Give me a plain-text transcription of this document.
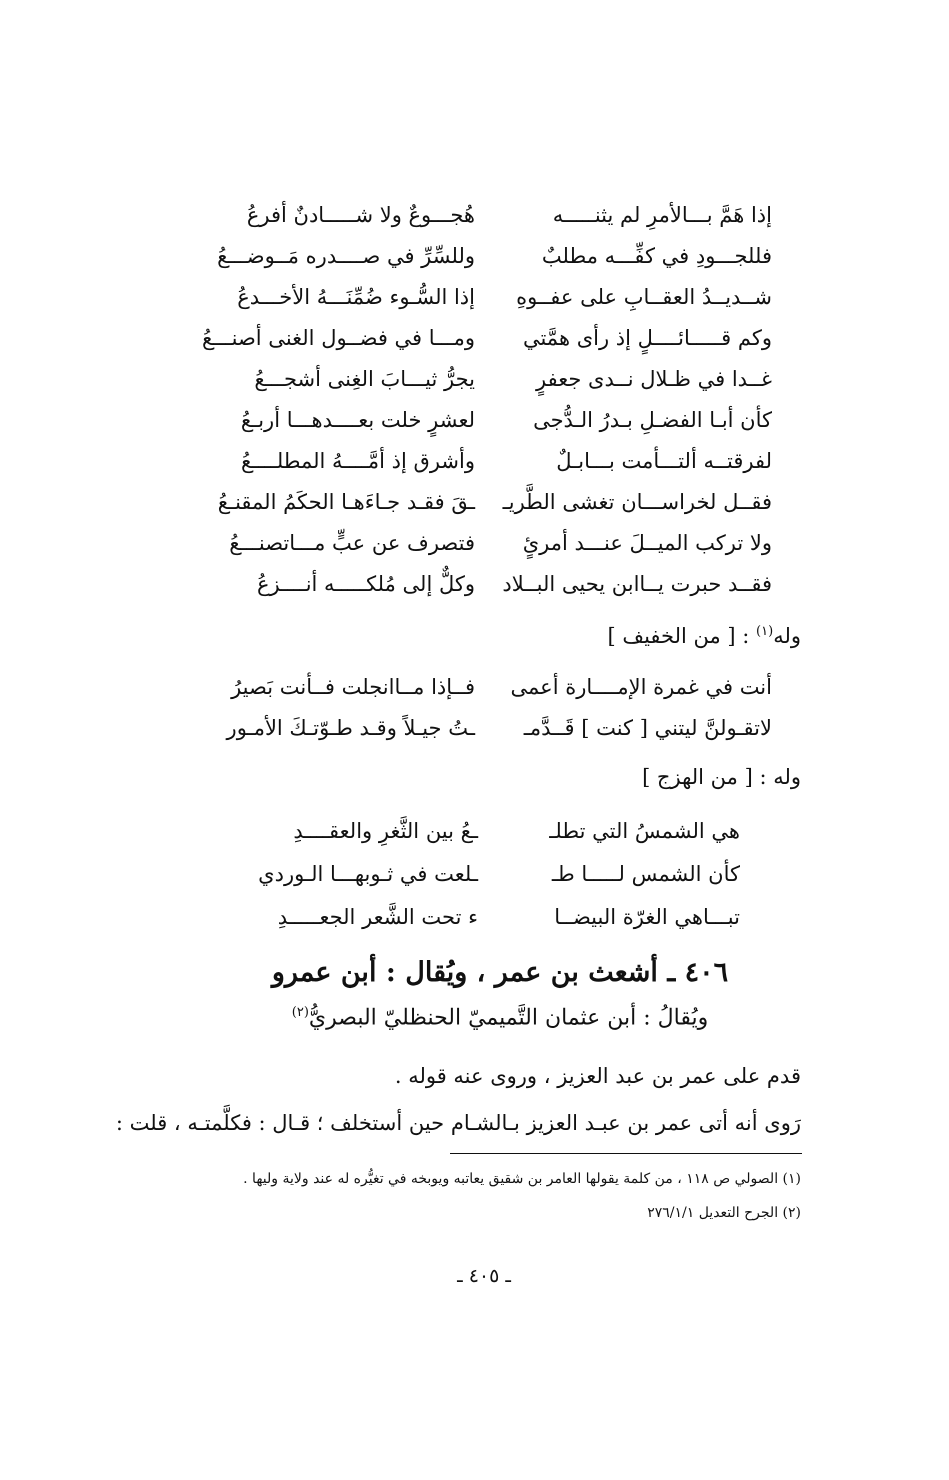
إذا هَمَّ بـــالأمرِ لم يثنـــــه
هُجـــوعٌ ولا شـــــادنٌ أفرعُ
فللجـــودِ في كفِّـــه مطلبٌ
وللسِّرِّ في صــــدره مَــوضـــعُ
شــديــدُ العقــابِ على عفــوهِ
إذا السُّـوء ضُمِّنَـــهُ الأخـــدعُ
وكم قـــــائــــلٍ إذ رأى همَّتي
ومـــا في فضــول الغنى أصنـــعُ
غــدا في ظـلال نــدى جعفرٍ
يجرُّ ثيـــابَ الغِنى أشجـــعُ
كأن أبـا الفضـلِ بـدرُ الـدُّجى
لعشرٍ خلت بعــــدهـــا أربـعُ
لفرقتــه ألتـــأمت بـــابـلٌ
وأشرق إذ أمَّــــهُ المطلــــعُ
فقــل لخراســـان تغشى الطَّريـ
ـقَ فقـد جـاءَهـا الحكَمُ المقنـعُ
ولا تركب الميــلَ عنـــد أمرئٍ
فتصرف عن عبٍّ مـــاتصنـــعُ
فقــد حبرت يــاابن يحيى البــلاد
وكلٌّ إلى مُلكـــــه أنــــزعُ
وله$^{(١)}$ : [ من الخفيف ]
أنت في غمرة الإمــــارة أعمى
فــإذا مــاانجلت فــأنت بَصيرُ
لاتقـولنَّ ليتني [ كنت ] قَــدَّمـ
ـتُ جيـلاً وقـد طـوّتـكَ الأمـور
وله : [ من الهزج ]
هي الشمسُ التي تطلـ
ـعُ بين الثَّغرِ والعقــــدِ
كأن الشمس لـــــا طـ
ـلعت في ثـوبهـــا الـوردي
تبـــاهي الغرّة البيضــا
ء تحت الشَّعر الجعـــــدِ
٤٠٦ ـ أشعث بن عمر ، ويُقال : أبن عمرو
ويُقالُ : أبن عثمان التَّميميّ الحنظليّ البصريُّ$^{(٢)}$
قدم على عمر بن عبد العزيز ، وروى عنه قوله .
رَوى أنه أتى عمر بن عبـد العزيز بـالشـام حين أستخلف ؛ قـال : فكلَّمتـه ، قلت :
(١) الصولي ص ١١٨ ، من كلمة يقولها العامر بن شقيق يعاتبه ويوبخه في تغيُّره له عند ولاية وليها .
(٢) الجرح التعديل ٢٧٦/١/١
ـ ٤٠٥ ـ
